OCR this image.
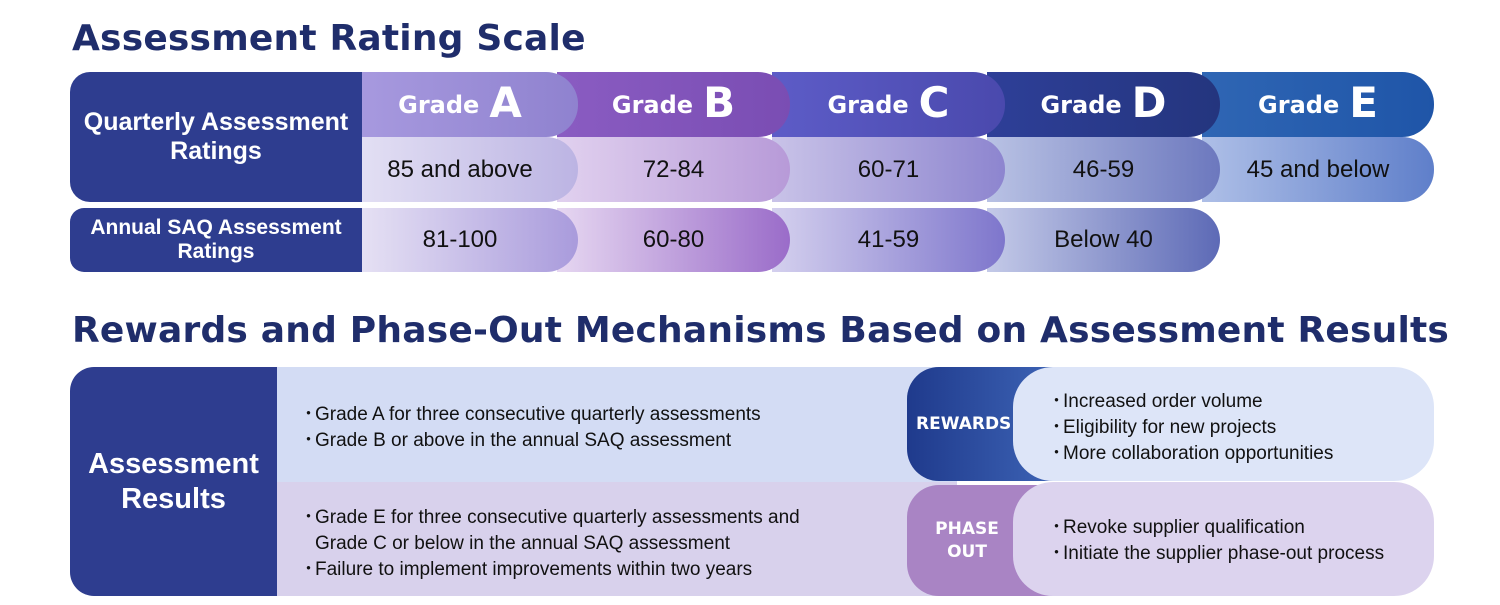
Assessment Rating Scale
Quarterly Assessment Ratings
Annual SAQ Assessment Ratings
Grade E
Grade D
Grade C
Grade B
Grade A
45 and below
46-59
60-71
72-84
85 and above
Below 40
41-59
60-80
81-100
Rewards and Phase-Out Mechanisms Based on Assessment Results
Assessment Results
・Grade A for three consecutive quarterly assessments
・Grade B or above in the annual SAQ assessment
・Grade E for three consecutive quarterly assessments and
Grade C or below in the annual SAQ assessment
・Failure to implement improvements within two years
REWARDS
PHASE OUT
・Increased order volume
・Eligibility for new projects
・More collaboration opportunities
・Revoke supplier qualification
・Initiate the supplier phase-out process
